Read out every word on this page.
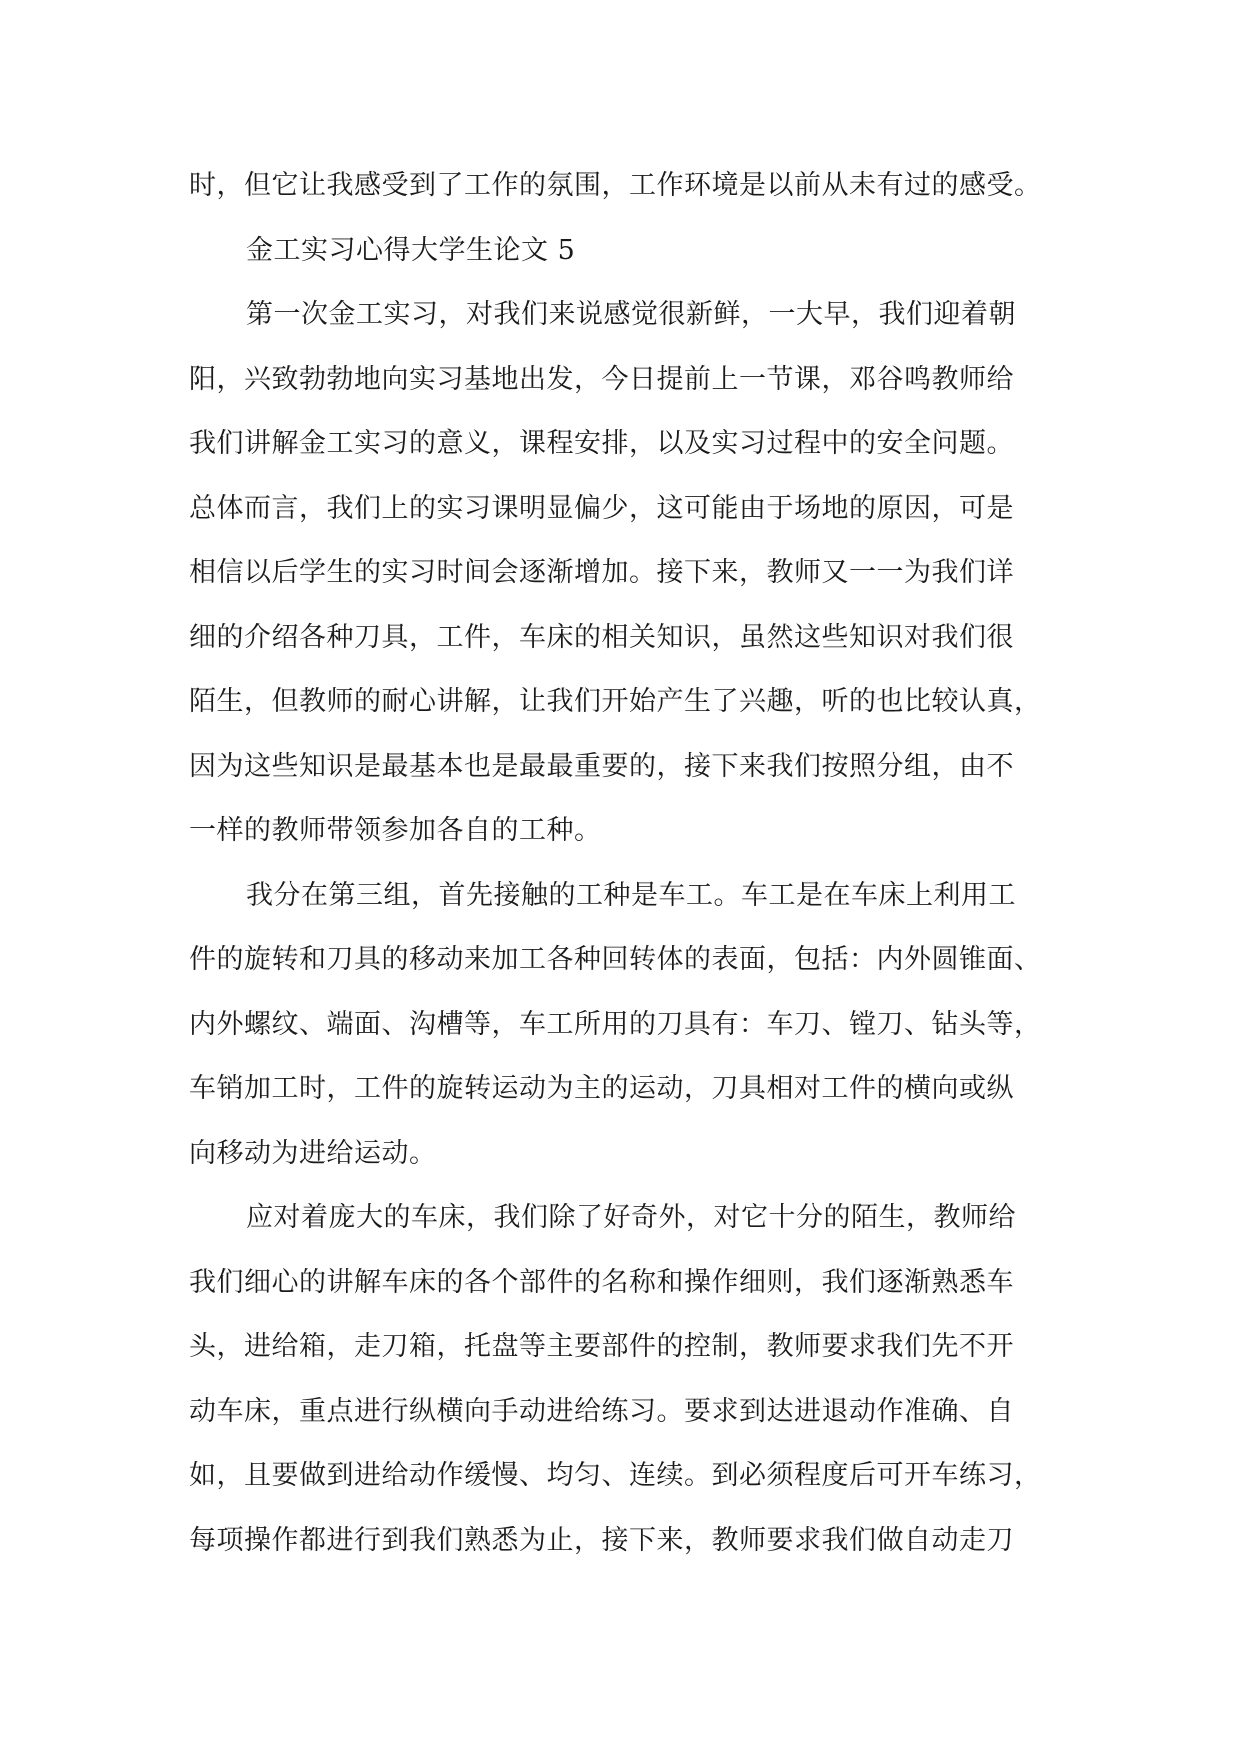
时，但它让我感受到了工作的氛围，工作环境是以前从未有过的感受。
金工实习心得大学生论文 5
第一次金工实习，对我们来说感觉很新鲜，一大早，我们迎着朝
阳，兴致勃勃地向实习基地出发，今日提前上一节课，邓谷鸣教师给
我们讲解金工实习的意义，课程安排，以及实习过程中的安全问题。
总体而言，我们上的实习课明显偏少，这可能由于场地的原因，可是
相信以后学生的实习时间会逐渐增加。接下来，教师又一一为我们详
细的介绍各种刀具，工件，车床的相关知识，虽然这些知识对我们很
陌生，但教师的耐心讲解，让我们开始产生了兴趣，听的也比较认真，
因为这些知识是最基本也是最最重要的，接下来我们按照分组，由不
一样的教师带领参加各自的工种。
我分在第三组，首先接触的工种是车工。车工是在车床上利用工
件的旋转和刀具的移动来加工各种回转体的表面，包括：内外圆锥面、
内外螺纹、端面、沟槽等，车工所用的刀具有：车刀、镗刀、钻头等，
车销加工时，工件的旋转运动为主的运动，刀具相对工件的横向或纵
向移动为进给运动。
应对着庞大的车床，我们除了好奇外，对它十分的陌生，教师给
我们细心的讲解车床的各个部件的名称和操作细则，我们逐渐熟悉车
头，进给箱，走刀箱，托盘等主要部件的控制，教师要求我们先不开
动车床，重点进行纵横向手动进给练习。要求到达进退动作准确、自
如，且要做到进给动作缓慢、均匀、连续。到必须程度后可开车练习，
每项操作都进行到我们熟悉为止，接下来，教师要求我们做自动走刀
